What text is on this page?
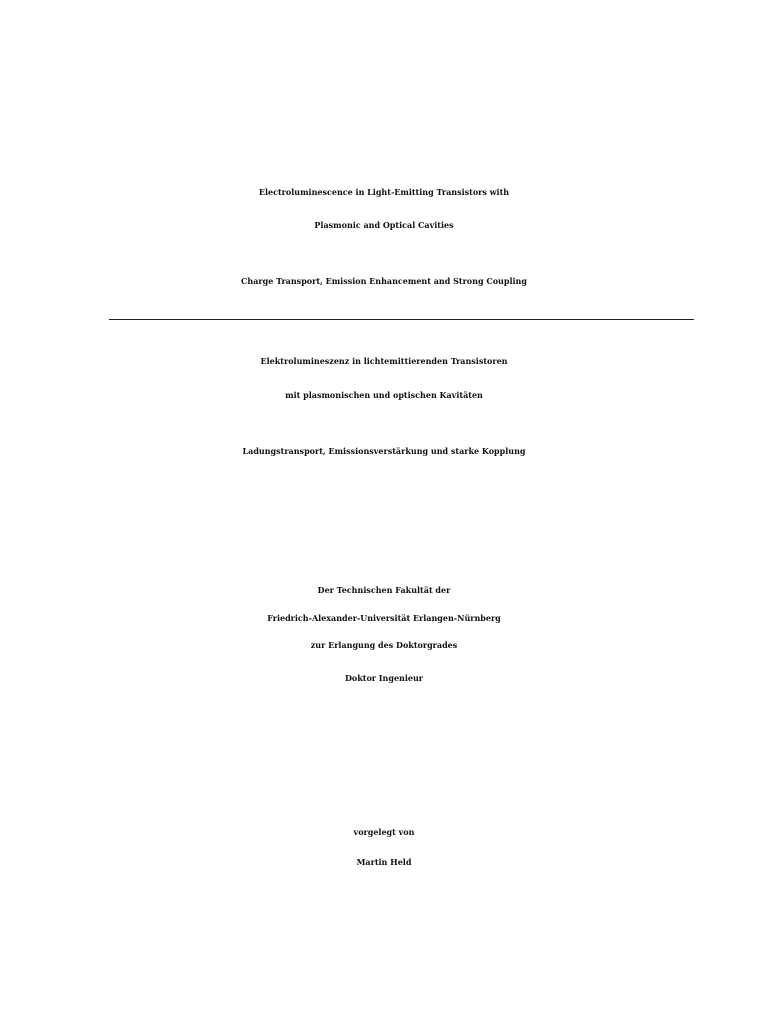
Electroluminescence in Light-Emitting Transistors with
Plasmonic and Optical Cavities
Charge Transport, Emission Enhancement and Strong Coupling
Elektrolumineszenz in lichtemittierenden Transistoren
mit plasmonischen und optischen Kavitäten
Ladungstransport, Emissionsverstärkung und starke Kopplung
Der Technischen Fakultät der
Friedrich-Alexander-Universität Erlangen-Nürnberg
zur Erlangung des Doktorgrades
Doktor Ingenieur
vorgelegt von
Martin Held
